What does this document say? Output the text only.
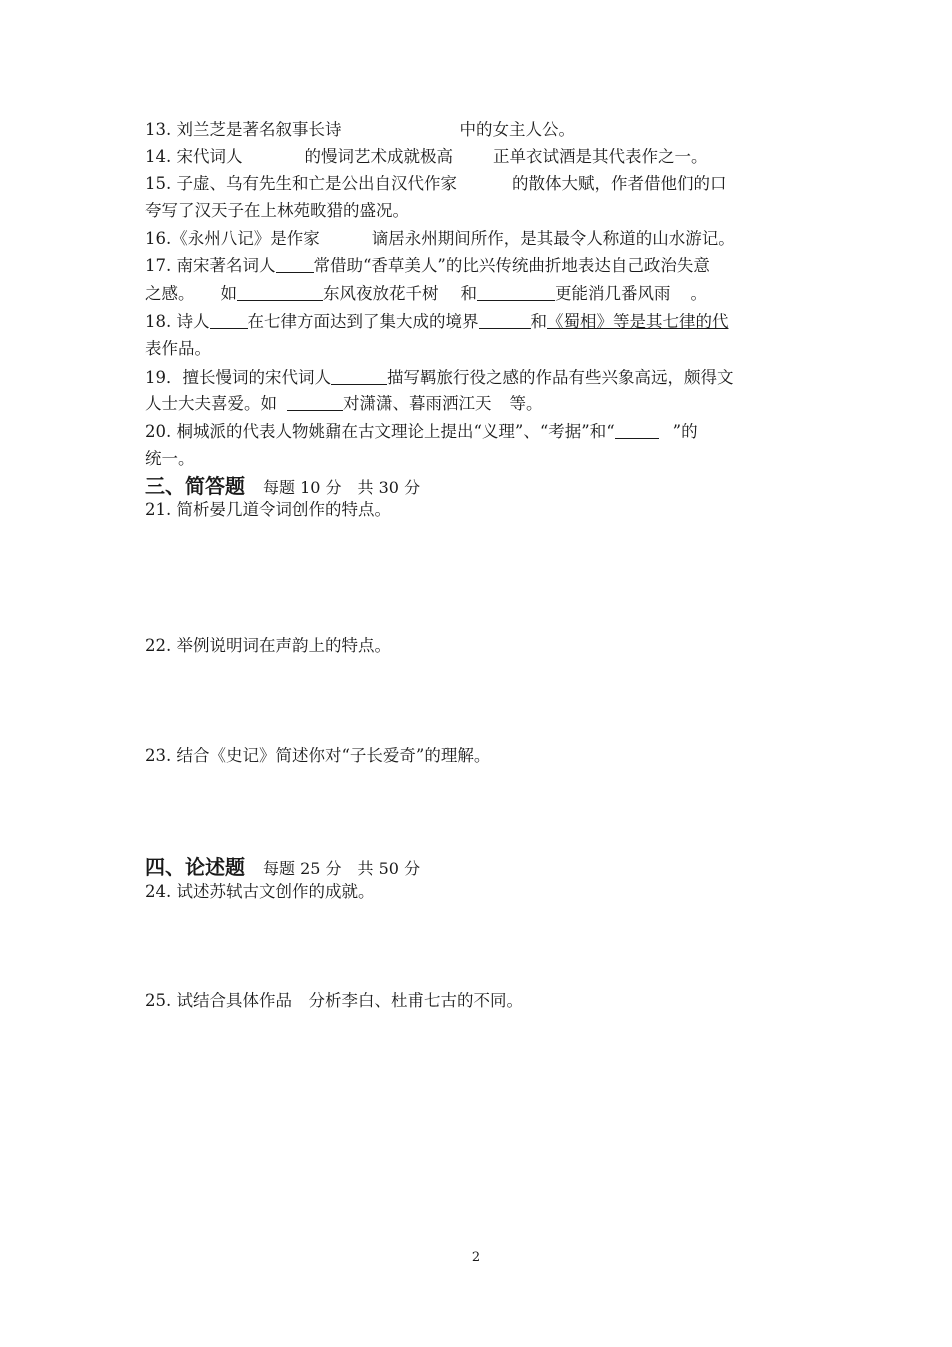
13. 刘兰芝是著名叙事长诗	中的女主人公。
14. 宋代词人	的慢词艺术成就极高 正单衣试酒是其代表作之一。
15. 子虚、乌有先生和亡是公出自汉代作家	的散体大赋，作者借他们的口
夸写了汉天子在上林苑畋猎的盛况。
16.《永州八记》是作家	谪居永州期间所作，是其最令人称道的山水游记。
17. 南宋著名词人 常借助“香草美人”的比兴传统曲折地表达自己政治失意
之感。 如	东风夜放花千树 和	更能消几番风雨 。
18. 诗人 在七律方面达到了集大成的境界	和《蜀相》等是其七律的代
表作品。
19．擅长慢词的宋代词人	描写羁旅行役之感的作品有些兴象高远，颇得文
人士大夫喜爱。如	对潇潇、暮雨洒江天 等。
20. 桐城派的代表人物姚鼐在古文理论上提出“义理”、“考据”和“	”的
统一。
三、简答题 每题 10 分　共 30 分
21. 简析晏几道令词创作的特点。
22. 举例说明词在声韵上的特点。
23. 结合《史记》简述你对“子长爱奇”的理解。
四、论述题 每题 25 分　共 50 分
24. 试述苏轼古文创作的成就。
25. 试结合具体作品　分析李白、杜甫七古的不同。
2
